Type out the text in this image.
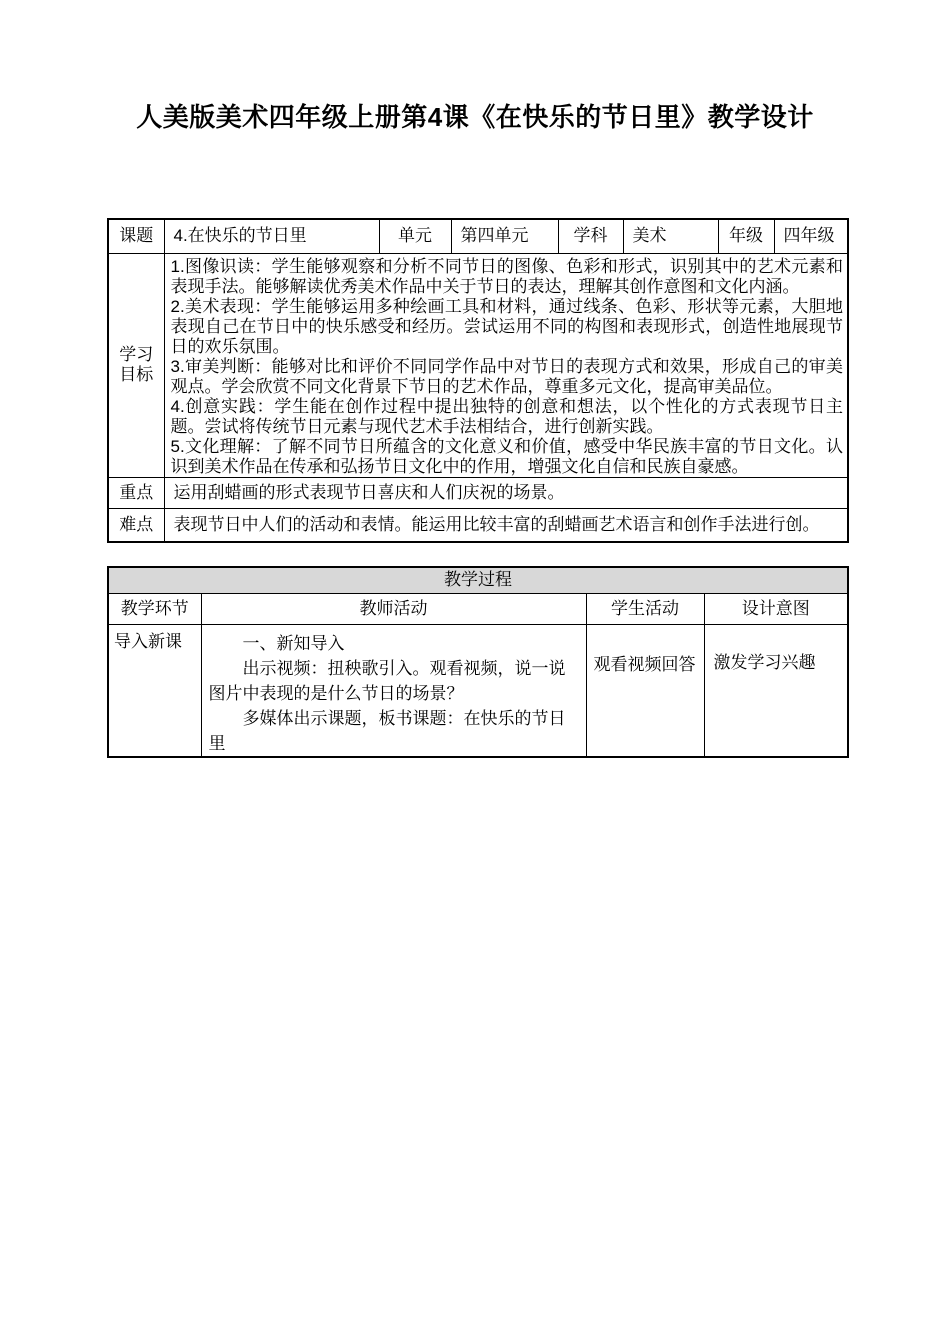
人美版美术四年级上册第4课《在快乐的节日里》教学设计
课题	4.在快乐的节日里	单元	第四单元	学科	美术	年级	四年级
学习目标	1.图像识读：学生能够观察和分析不同节日的图像、色彩和形式，识别其中的艺术元素和表现手法。能够解读优秀美术作品中关于节日的表达，理解其创作意图和文化内涵。

2.美术表现：学生能够运用多种绘画工具和材料，通过线条、色彩、形状等元素，大胆地表现自己在节日中的快乐感受和经历。尝试运用不同的构图和表现形式，创造性地展现节日的欢乐氛围。

3.审美判断：能够对比和评价不同同学作品中对节日的表现方式和效果，形成自己的审美观点。学会欣赏不同文化背景下节日的艺术作品，尊重多元文化，提高审美品位。

4.创意实践：学生能在创作过程中提出独特的创意和想法，以个性化的方式表现节日主题。尝试将传统节日元素与现代艺术手法相结合，进行创新实践。

5.文化理解：了解不同节日所蕴含的文化意义和价值，感受中华民族丰富的节日文化。认识到美术作品在传承和弘扬节日文化中的作用，增强文化自信和民族自豪感。						

重点	运用刮蜡画的形式表现节日喜庆和人们庆祝的场景。						
难点	表现节日中人们的活动和表情。能运用比较丰富的刮蜡画艺术语言和创作手法进行创。						
教学过程			
教学环节	教师活动	学生活动	设计意图
导入新课	一、新知导入

出示视频：扭秧歌引入。观看视频，说一说图片中表现的是什么节日的场景？

多媒体出示课题，板书课题：在快乐的节日里	观看视频回答	激发学习兴趣
